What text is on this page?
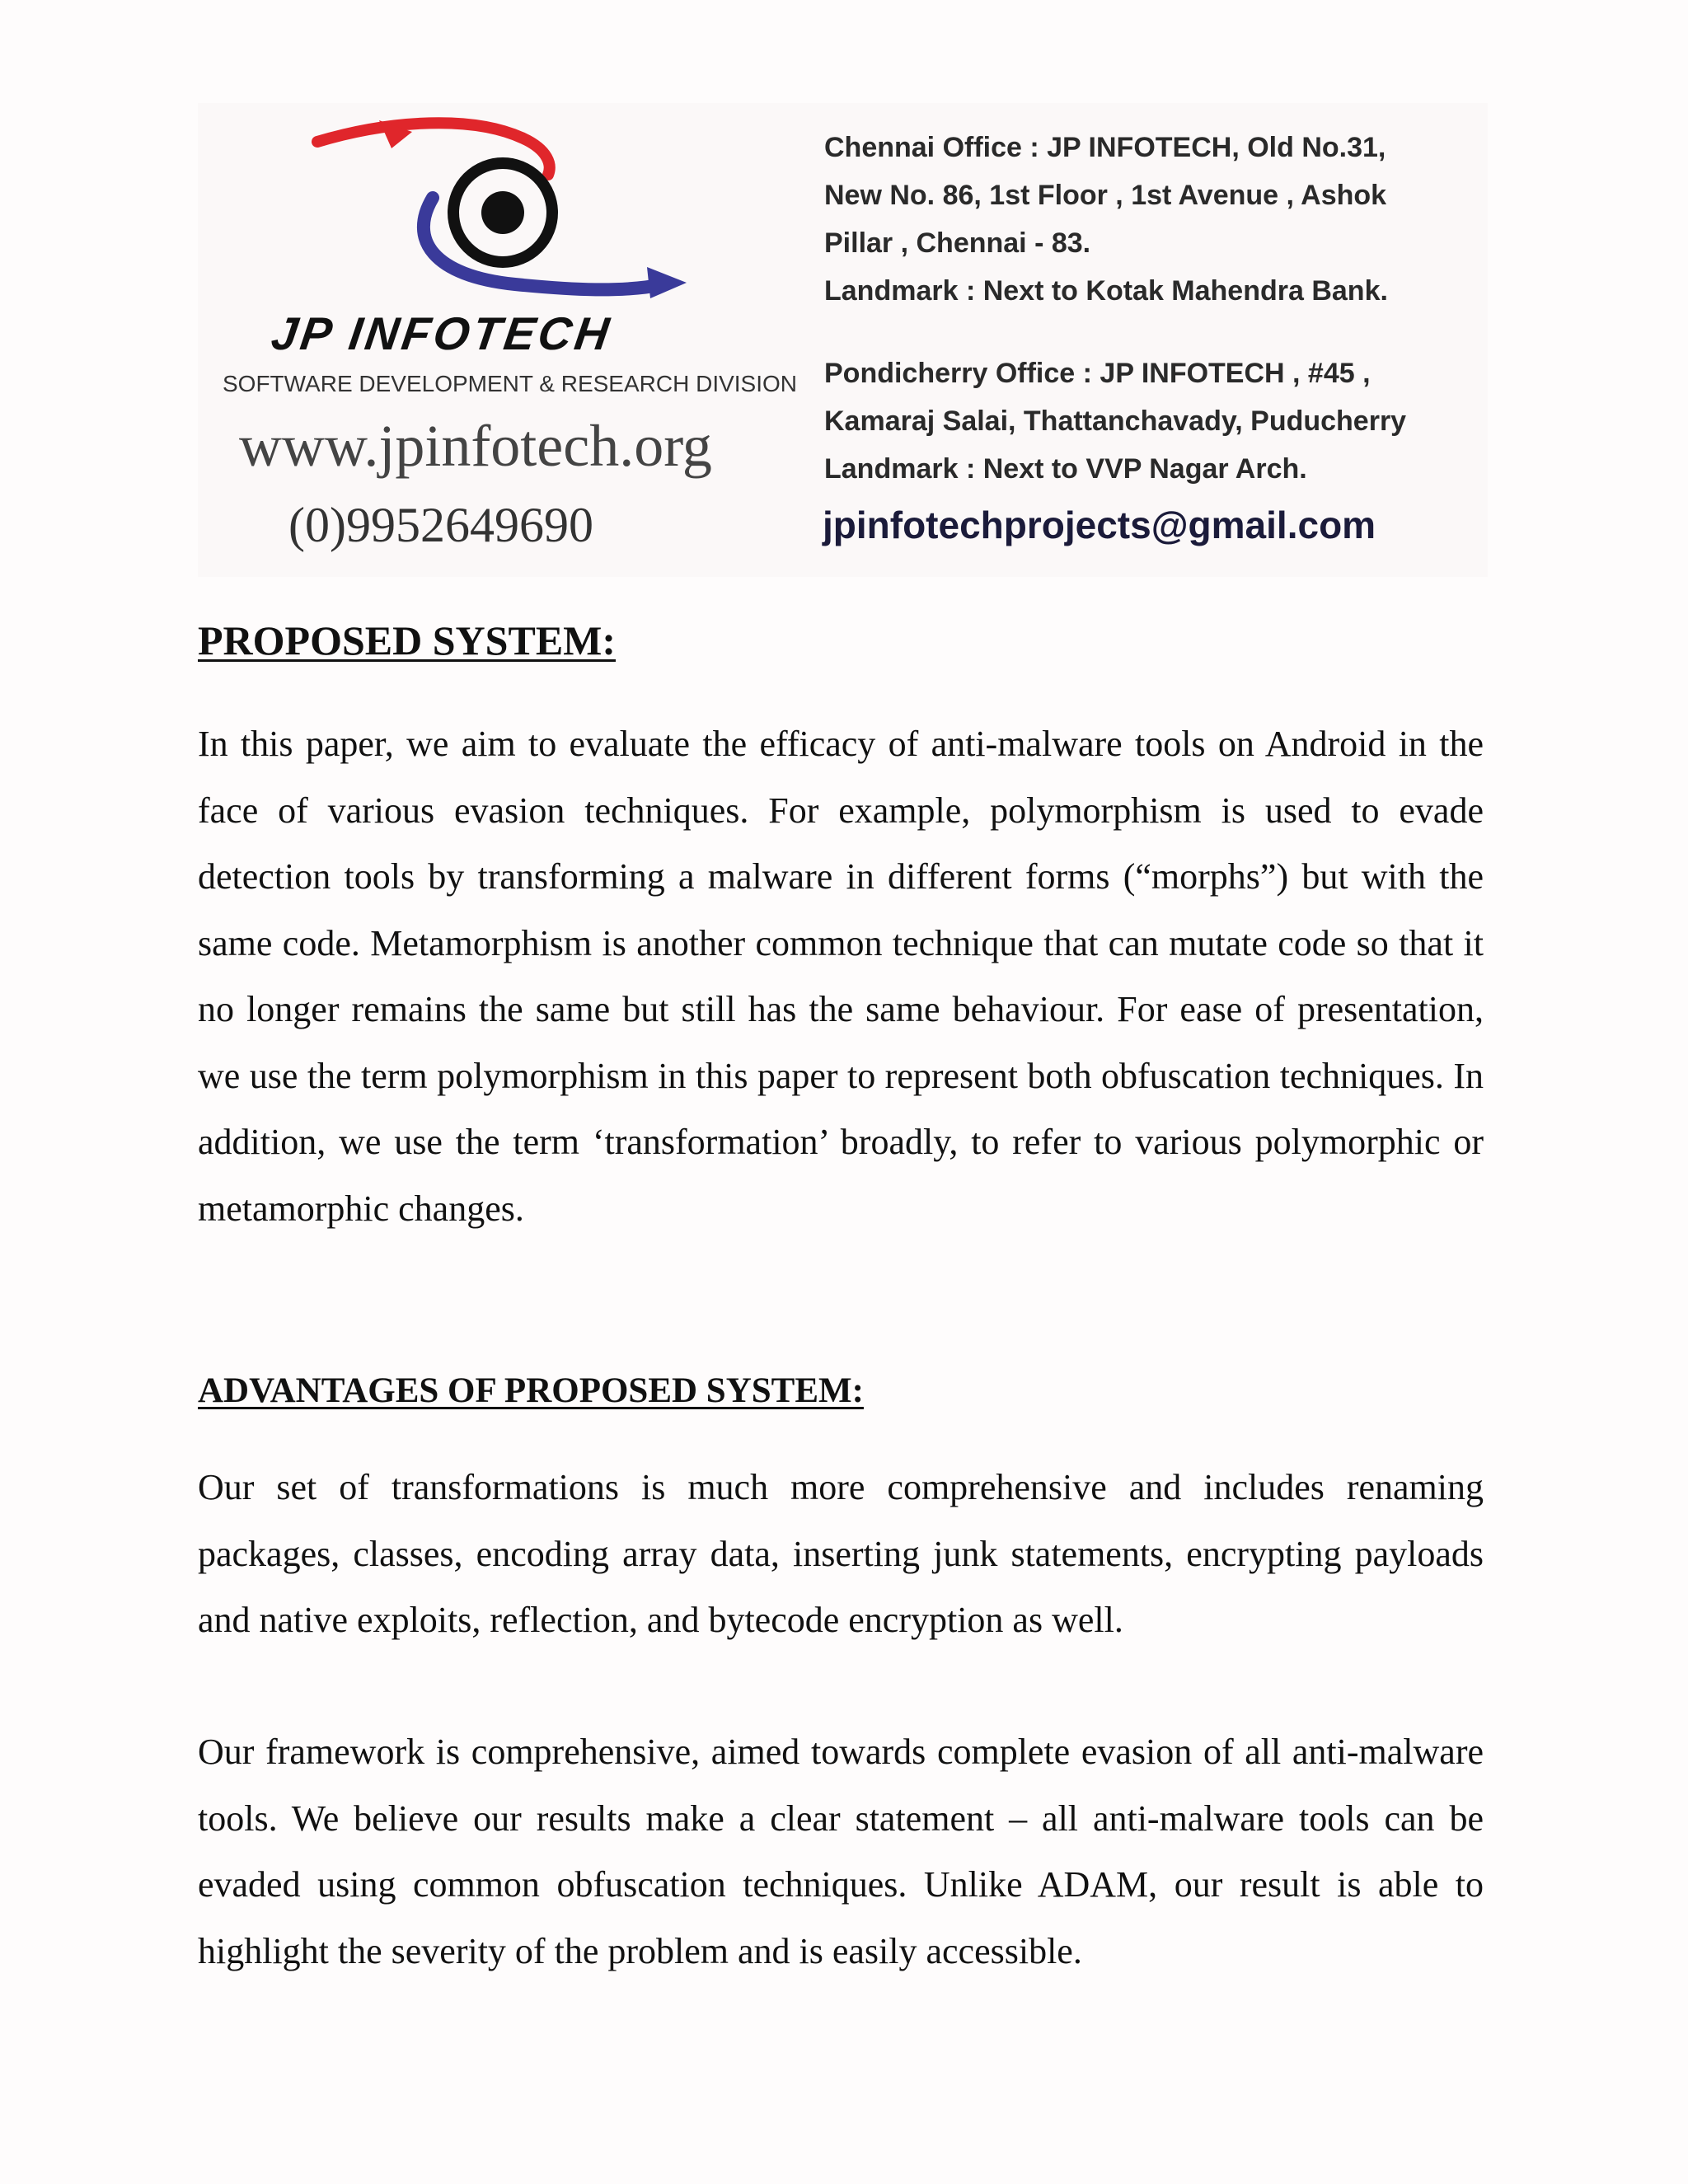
JP INFOTECH
SOFTWARE DEVELOPMENT & RESEARCH DIVISION
www.jpinfotech.org
(0)9952649690
Chennai Office : JP INFOTECH, Old No.31,
New No. 86, 1st Floor , 1st Avenue , Ashok
Pillar , Chennai - 83.
Landmark : Next to Kotak Mahendra Bank.
Pondicherry Office : JP INFOTECH , #45 ,
Kamaraj Salai, Thattanchavady, Puducherry
Landmark : Next to VVP Nagar Arch.
jpinfotechprojects@gmail.com
PROPOSED SYSTEM:

In this paper, we aim to evaluate the efficacy of anti-malware tools on Android in the face of various evasion techniques. For example, polymorphism is used to evade detection tools by transforming a malware in different forms (“morphs”) but with the same code. Metamorphism is another common technique that can mutate code so that it no longer remains the same but still has the same behaviour. For ease of presentation, we use the term polymorphism in this paper to represent both obfuscation techniques. In addition, we use the term ‘transformation’ broadly, to refer to various polymorphic or metamorphic changes.

ADVANTAGES OF PROPOSED SYSTEM:

Our set of transformations is much more comprehensive and includes renaming packages, classes, encoding array data, inserting junk statements, encrypting payloads and native exploits, reflection, and bytecode encryption as well.

Our framework is comprehensive, aimed towards complete evasion of all anti-malware tools. We believe our results make a clear statement – all anti-malware tools can be evaded using common obfuscation techniques. Unlike ADAM, our result is able to highlight the severity of the problem and is easily accessible.
